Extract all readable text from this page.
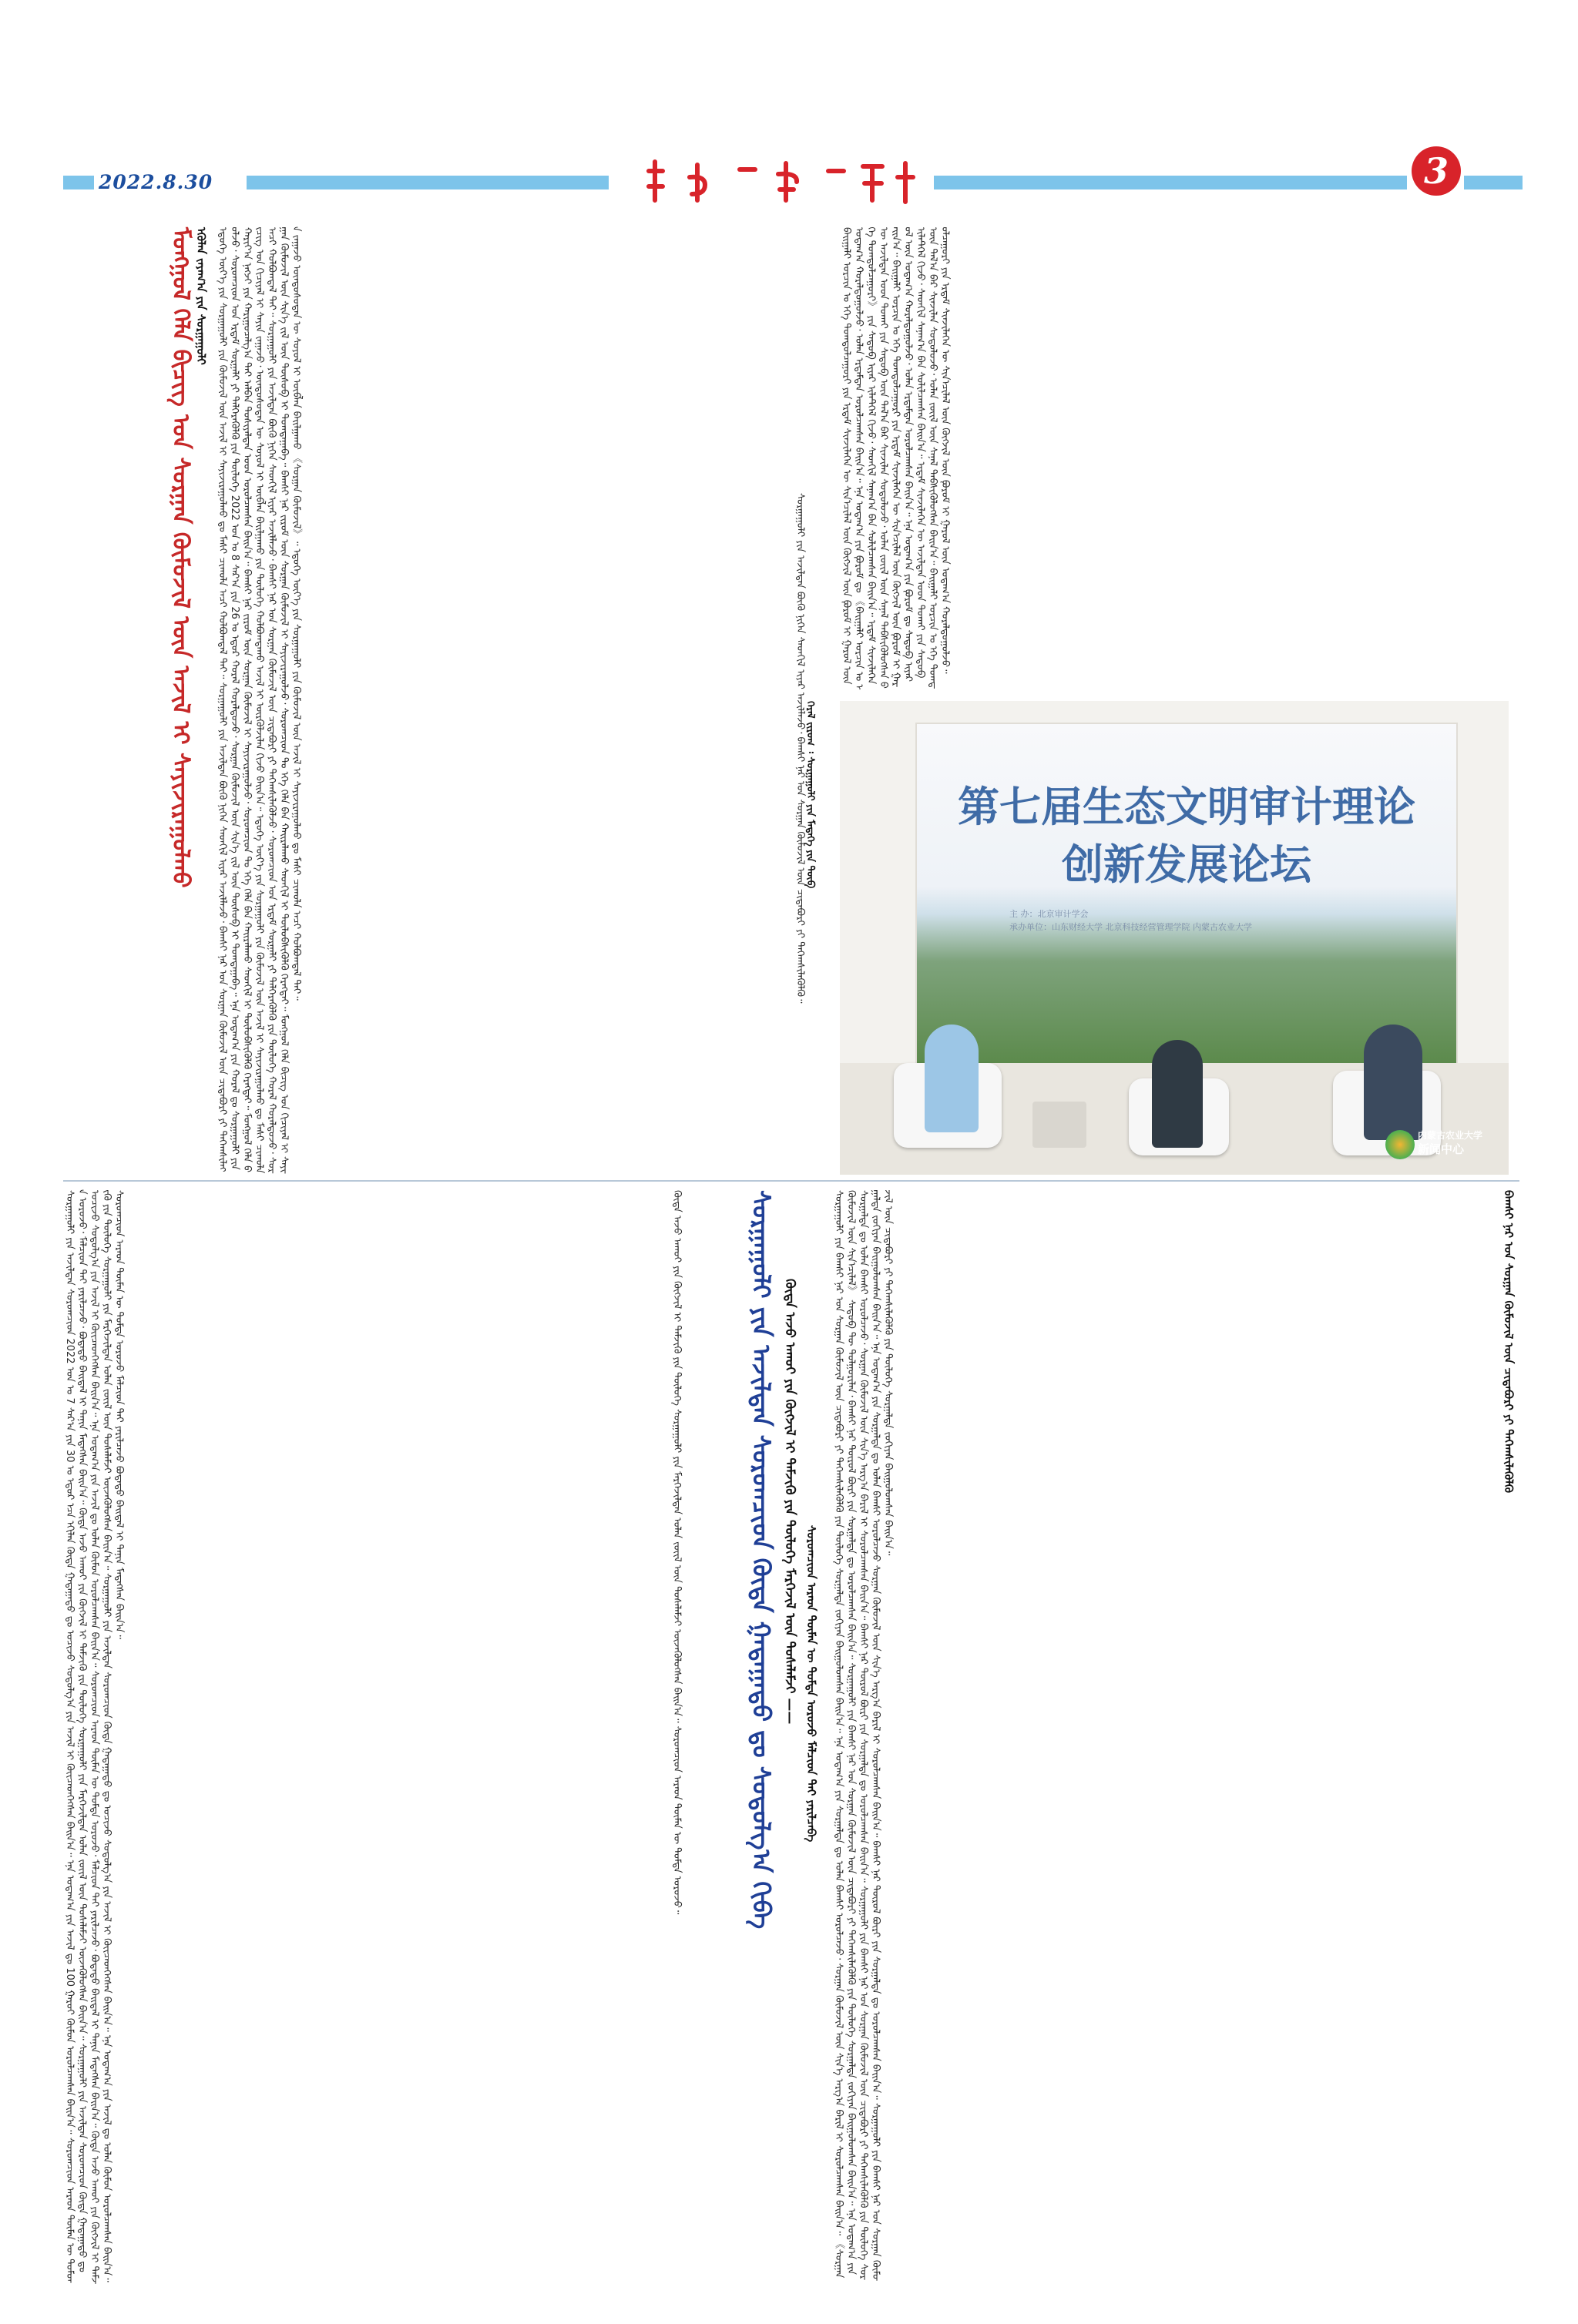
2022.8.30	3
ᠮᠣᠩᠭᠣᠯ ᠬᠡᠯᠡ ᠪᠢᠴᠢᠭ ᠤᠨ ᠰᠤᠷᠭᠠᠨ ᠬᠦᠮᠦᠵᠢᠯ ᠦᠨ ᠠᠵᠢᠯ ᠢ ᠰᠠᠶᠢᠵᠢᠷᠠᠭᠤᠯᠬᠤ ᠡᠭᠦᠯᠡᠨ ᠵᠠᠶᠠᠭ᠎ᠠ ᠶᠢᠨ ᠰᠤᠷᠭᠠᠭᠤᠯᠢ ᠡᠳᠦᠭᠡ ᠦᠶ᠎ᠡ ᠶᠢᠨ ᠰᠤᠷᠭᠠᠭᠤᠯᠢ ᠶᠢᠨ ᠬᠦᠮᠦᠵᠢᠯ ᠦᠨ ᠠᠵᠢᠯ ᠢ ᠰᠠᠶᠢᠵᠢᠷᠠᠭᠤᠯᠬᠤ ᠳᠤ ᠮᠠᠰᠢ ᠴᠢᠬᠤᠯᠠ ᠠᠴᠢ ᠬᠣᠯᠪᠣᠭᠳᠠᠯ ᠲᠠᠢ᠃ ᠰᠤᠷᠭᠠᠭᠤᠯᠢ ᠶᠢᠨ ᠠᠵᠢᠯᠲᠠᠨ ᠪᠦᠬᠦ ᠨᠢᠭᠡᠨ ᠰᠡᠳᠬᠢᠯ ᠢᠶᠡᠷ ᠠᠵᠢᠯᠯᠠᠵᠤ᠂ ᠪᠠᠭᠰᠢ ᠨᠠᠷ ᠤᠨ ᠰᠤᠷᠭᠠᠨ ᠬᠦᠮᠦᠵᠢᠯ ᠦᠨ ᠴᠢᠳᠠᠪᠤᠷᠢ ᠶᠢ ᠳᠡᠭᠡᠭ᠍ᠰᠢᠯᠡᠭᠦᠯᠵᠦ᠂ ᠰᠤᠷᠤᠭᠴᠢᠳ ᠤᠨ ᠡᠷᠳᠡᠮ ᠰᠤᠷᠭᠠᠯᠢ ᠶᠢ ᠳᠡᠯᠭᠡᠷᠡᠭᠦᠯᠬᠦ ᠶᠢᠨ ᠲᠥᠯᠥᠭᠡ 2022 ᠣᠨ ᠤ 8 ᠰᠠᠷ᠎ᠠ ᠶᠢᠨ 26 ᠤ ᠡᠳᠦᠷ ᠬᠤᠷᠠᠯ ᠬᠤᠷᠠᠯᠳᠤᠵᠤ᠂ ᠰᠤᠷᠭᠠᠨ ᠬᠦᠮᠦᠵᠢᠯ ᠦᠨ ᠰᠢᠨ᠎ᠡ ᠵᠢᠯ ᠦᠨ ᠲᠥᠰᠥᠪ ᠢ ᠲᠣᠭᠲᠠᠭᠠᠪᠠ᠃ ᠡᠨᠡ ᠤᠳᠠᠭ᠎ᠠ ᠶᠢᠨ ᠬᠤᠷᠠᠯ ᠳᠤ ᠰᠤᠷᠭᠠᠭᠤᠯᠢ ᠶᠢᠨ ᠬᠠᠷᠢᠶ᠎ᠠ ᠨᠡᠭᠵᠢ ᠶᠢᠨ ᠬᠠᠷᠢᠭᠤᠴᠠᠯᠭ᠎ᠠ ᠲᠠᠢ ᠠᠯᠪᠠᠨ ᠲᠤᠰᠢᠶᠠᠯᠲᠠᠨ ᠤᠳ ᠣᠷᠤᠯᠴᠠᠭᠰᠠᠨ ᠪᠠᠢᠨ᠎ᠠ᠃ ᠪᠠᠭᠰᠢ ᠨᠠᠷ ᠵᠢᠷᠤᠮ ᠦᠨ ᠰᠤᠷᠭᠠᠨ ᠬᠦᠮᠦᠵᠢᠯ ᠢ ᠰᠠᠶᠢᠵᠢᠷᠠᠭᠤᠯᠵᠤ᠂ ᠰᠤᠷᠤᠭᠴᠢᠳ ᠲᠤ ᠡᠬᠡ ᠬᠡᠯᠡ ᠪᠡᠨ ᠬᠠᠢᠷᠠᠯᠠᠬᠤ ᠰᠡᠳᠬᠢᠯ ᠢ ᠲᠥᠯᠥᠪᠰᠢᠭᠦᠯᠬᠦ ᠬᠡᠷᠡᠭᠲᠡᠢ᠃ ᠮᠣᠩᠭᠣᠯ ᠬᠡᠯᠡ ᠪᠢᠴᠢᠭ ᠤᠨ ᠬᠢᠴᠢᠶᠡᠯ ᠢ ᠰᠠᠶᠢᠨ ᠵᠠᠭᠠᠵᠤ᠂ ᠦᠨᠳᠦᠰᠦᠲᠡᠨ ᠦ ᠰᠣᠶᠣᠯ ᠢ ᠥᠪᠯᠡᠨ ᠪᠠᠢᠯᠭᠠᠬᠤ ᠶᠢᠨ ᠲᠥᠯᠥᠭᠡ ᠬᠣᠯᠪᠣᠭᠳᠠᠬᠤ ᠠᠵᠢᠯ ᠢ ᠦᠷᠭᠦᠯᠵᠢᠯᠡᠨ ᠬᠢᠵᠦ ᠪᠠᠢᠨ᠎ᠠ᠃ ᠡᠳᠦᠭᠡ ᠦᠶ᠎ᠡ ᠶᠢᠨ ᠰᠤᠷᠭᠠᠭᠤᠯᠢ ᠶᠢᠨ ᠬᠦᠮᠦᠵᠢᠯ ᠦᠨ ᠠᠵᠢᠯ ᠢ ᠰᠠᠶᠢᠵᠢᠷᠠᠭᠤᠯᠬᠤ ᠳᠤ ᠮᠠᠰᠢ ᠴᠢᠬᠤᠯᠠ ᠠᠴᠢ ᠬᠣᠯᠪᠣᠭᠳᠠᠯ ᠲᠠᠢ᠃ ᠰᠤᠷᠭᠠᠭᠤᠯᠢ ᠶᠢᠨ ᠠᠵᠢᠯᠲᠠᠨ ᠪᠦᠬᠦ ᠨᠢᠭᠡᠨ ᠰᠡᠳᠬᠢᠯ ᠢᠶᠡᠷ ᠠᠵᠢᠯᠯᠠᠵᠤ᠂ ᠪᠠᠭᠰᠢ ᠨᠠᠷ ᠤᠨ ᠰᠤᠷᠭᠠᠨ ᠬᠦᠮᠦᠵᠢᠯ ᠦᠨ ᠴᠢᠳᠠᠪᠤᠷᠢ ᠶᠢ ᠳᠡᠭᠡᠭ᠍ᠰᠢᠯᠡᠭᠦᠯᠵᠦ᠂ ᠰᠤᠷᠤᠭᠴᠢᠳ ᠤᠨ ᠡᠷᠳᠡᠮ ᠰᠤᠷᠭᠠᠯᠢ ᠶᠢ ᠳᠡᠯᠭᠡᠷᠡᠭᠦᠯᠬᠦ ᠶᠢᠨ ᠲᠥᠯᠥᠭᠡ ᠬᠤᠷᠠᠯ ᠬᠤᠷᠠᠯᠳᠤᠵᠤ᠂ ᠰᠤᠷᠭᠠᠨ ᠬᠦᠮᠦᠵᠢᠯ ᠦᠨ ᠰᠢᠨ᠎ᠡ ᠵᠢᠯ ᠦᠨ ᠲᠥᠰᠥᠪ ᠢ ᠲᠣᠭᠲᠠᠭᠠᠪᠠ᠃ ᠪᠠᠭᠰᠢ ᠨᠠᠷ ᠵᠢᠷᠤᠮ ᠦᠨ ᠰᠤᠷᠭᠠᠨ ᠬᠦᠮᠦᠵᠢᠯ ᠢ ᠰᠠᠶᠢᠵᠢᠷᠠᠭᠤᠯᠵᠤ᠂ ᠰᠤᠷᠤᠭᠴᠢᠳ ᠲᠤ ᠡᠬᠡ ᠬᠡᠯᠡ ᠪᠡᠨ ᠬᠠᠢᠷᠠᠯᠠᠬᠤ ᠰᠡᠳᠬᠢᠯ ᠢ ᠲᠥᠯᠥᠪᠰᠢᠭᠦᠯᠬᠦ ᠬᠡᠷᠡᠭᠲᠡᠢ᠃ ᠮᠣᠩᠭᠣᠯ ᠬᠡᠯᠡ ᠪᠢᠴᠢᠭ ᠤᠨ ᠬᠢᠴᠢᠶᠡᠯ ᠢ ᠰᠠᠶᠢᠨ ᠵᠠᠭᠠᠵᠤ ᠦᠨᠳᠦᠰᠦᠲᠡᠨ ᠦ ᠰᠣᠶᠣᠯ ᠢ ᠥᠪᠯᠡᠨ ᠪᠠᠢᠯᠭᠠᠬᠤ 《ᠰᠤᠷᠭᠠᠨ ᠬᠦᠮᠦᠵᠢᠯ》᠃ ᠡᠳᠦᠭᠡ ᠦᠶ᠎ᠡ ᠶᠢᠨ ᠰᠤᠷᠭᠠᠭᠤᠯᠢ ᠶᠢᠨ ᠬᠦᠮᠦᠵᠢᠯ ᠦᠨ ᠠᠵᠢᠯ ᠢ ᠰᠠᠶᠢᠵᠢᠷᠠᠭᠤᠯᠬᠤ ᠳᠤ ᠮᠠᠰᠢ ᠴᠢᠬᠤᠯᠠ ᠠᠴᠢ ᠬᠣᠯᠪᠣᠭᠳᠠᠯ ᠲᠠᠢ᠃	ᠰᠤᠷᠭᠠᠭᠤᠯᠢ ᠶᠢᠨ ᠠᠵᠢᠯᠲᠠᠨ ᠪᠦᠬᠦ ᠨᠢᠭᠡᠨ ᠰᠡᠳᠬᠢᠯ ᠢᠶᠡᠷ ᠠᠵᠢᠯᠯᠠᠵᠤ᠂ ᠪᠠᠭᠰᠢ ᠨᠠᠷ ᠤᠨ ᠰᠤᠷᠭᠠᠨ ᠬᠦᠮᠦᠵᠢᠯ ᠦᠨ ᠴᠢᠳᠠᠪᠤᠷᠢ ᠶᠢ ᠳᠡᠭᠡᠭ᠍ᠰᠢᠯᠡᠭᠦᠯᠬᠦ᠃
ᠪᠠᠢᠭᠠᠯᠢ ᠣᠷᠴᠢᠨ ᠤ ᠡᠬᠡ ᠲᠣᠭᠲᠣᠯᠴᠠᠭᠤᠷᠢ ᠶᠢᠨ ᠡᠷᠳᠡᠮ ᠰᠢᠨᠵᠢᠯᠡᠭᠡᠨ ᠦ ᠰᠢᠨ᠎ᠡᠴᠢᠯᠡᠯ ᠦᠨ ᠬᠥᠭᠵᠢᠯ ᠦᠨ ᠹᠣᠷᠦᠮ ᠢ ᠭᠠᠷᠤᠯ ᠦᠨ ᠤᠳᠠᠭ᠎ᠠ ᠬᠤᠷᠠᠯᠳᠤᠭᠤᠯᠵᠤ᠂ ᠣᠯᠠᠨ ᠡᠷᠳᠡᠮᠲᠡᠨ ᠣᠷᠤᠯᠴᠠᠭᠰᠠᠨ ᠪᠠᠢᠨ᠎ᠠ᠃ ᠡᠨᠡ ᠤᠳᠠᠭ᠎ᠠ ᠶᠢᠨ ᠹᠣᠷᠦᠮ ᠳᠤ 《ᠪᠠᠢᠭᠠᠯᠢ ᠣᠷᠴᠢᠨ ᠤ ᠡᠬᠡ ᠲᠣᠭᠲᠣᠯᠴᠠᠭᠤᠷᠢ》 ᠶᠢᠨ ᠰᠡᠳᠦᠪ ᠢᠶᠡᠷ ᠢᠯᠡᠲᠭᠡᠯ ᠬᠢᠵᠦ᠂ ᠰᠡᠳᠬᠢᠯ ᠰᠠᠨᠠᠭ᠎ᠠ ᠪᠠᠨ ᠰᠣᠯᠢᠯᠴᠠᠭᠰᠠᠨ ᠪᠠᠢᠨ᠎ᠠ᠃ ᠡᠷᠳᠡᠮ ᠰᠢᠨᠵᠢᠯᠡᠭᠡᠨ ᠦ ᠠᠵᠢᠯᠲᠠᠨ ᠤᠳ ᠲᠤᠬᠠᠢ ᠶᠢᠨ ᠰᠡᠳᠦᠪ ᠦᠨ ᠲᠠᠯ᠎ᠠ ᠪᠠᠷ ᠰᠢᠨᠵᠢᠯᠡᠨ ᠰᠤᠳᠤᠯᠤᠵᠤ᠂ ᠣᠯᠠᠨ ᠵᠦᠢᠯ ᠦᠨ ᠰᠠᠨᠠᠯ ᠳᠡᠪᠰᠢᠭᠦᠯᠦᠭᠰᠡᠨ ᠪᠠᠢᠨ᠎ᠠ᠃ ᠪᠠᠢᠭᠠᠯᠢ ᠣᠷᠴᠢᠨ ᠤ ᠡᠬᠡ ᠲᠣᠭᠲᠣᠯᠴᠠᠭᠤᠷᠢ ᠶᠢᠨ ᠡᠷᠳᠡᠮ ᠰᠢᠨᠵᠢᠯᠡᠭᠡᠨ ᠦ ᠰᠢᠨ᠎ᠡᠴᠢᠯᠡᠯ ᠦᠨ ᠬᠥᠭᠵᠢᠯ ᠦᠨ ᠹᠣᠷᠦᠮ ᠢ ᠭᠠᠷᠤᠯ ᠦᠨ ᠤᠳᠠᠭ᠎ᠠ ᠬᠤᠷᠠᠯᠳᠤᠭᠤᠯᠵᠤ᠂ ᠣᠯᠠᠨ ᠡᠷᠳᠡᠮᠲᠡᠨ ᠣᠷᠤᠯᠴᠠᠭᠰᠠᠨ ᠪᠠᠢᠨ᠎ᠠ᠃ ᠡᠨᠡ ᠤᠳᠠᠭ᠎ᠠ ᠶᠢᠨ ᠹᠣᠷᠦᠮ ᠳᠤ ᠰᠡᠳᠦᠪ ᠢᠶᠡᠷ ᠢᠯᠡᠲᠭᠡᠯ ᠬᠢᠵᠦ᠂ ᠰᠡᠳᠬᠢᠯ ᠰᠠᠨᠠᠭ᠎ᠠ ᠪᠠᠨ ᠰᠣᠯᠢᠯᠴᠠᠭᠰᠠᠨ ᠪᠠᠢᠨ᠎ᠠ᠃ ᠡᠷᠳᠡᠮ ᠰᠢᠨᠵᠢᠯᠡᠭᠡᠨ ᠦ ᠠᠵᠢᠯᠲᠠᠨ ᠤᠳ ᠲᠤᠬᠠᠢ ᠶᠢᠨ ᠰᠡᠳᠦᠪ ᠦᠨ ᠲᠠᠯ᠎ᠠ ᠪᠠᠷ ᠰᠢᠨᠵᠢᠯᠡᠨ ᠰᠤᠳᠤᠯᠤᠵᠤ᠂ ᠣᠯᠠᠨ ᠵᠦᠢᠯ ᠦᠨ ᠰᠠᠨᠠᠯ ᠳᠡᠪᠰᠢᠭᠦᠯᠦᠭᠰᠡᠨ ᠪᠠᠢᠨ᠎ᠠ᠃ ᠪᠠᠢᠭᠠᠯᠢ ᠣᠷᠴᠢᠨ ᠤ ᠡᠬᠡ ᠲᠣᠭᠲᠣᠯᠴᠠᠭᠤᠷᠢ ᠶᠢᠨ ᠡᠷᠳᠡᠮ ᠰᠢᠨᠵᠢᠯᠡᠭᠡᠨ ᠦ ᠰᠢᠨ᠎ᠡᠴᠢᠯᠡᠯ ᠦᠨ ᠬᠥᠭᠵᠢᠯ ᠦᠨ ᠹᠣᠷᠦᠮ ᠢ ᠭᠠᠷᠤᠯ ᠦᠨ ᠤᠳᠠᠭ᠎ᠠ ᠬᠤᠷᠠᠯᠳᠤᠭᠤᠯᠵᠤ᠃
ᠭᠡᠷᠡᠯ ᠵᠢᠷᠤᠭ ᠄ ᠰᠤᠷᠭᠠᠭᠤᠯᠢ ᠶᠢᠨ ᠮᠡᠳᠡᠭᠡ ᠶᠢᠨ ᠲᠥᠪ	第七届生态文明审计理论
创新发展论坛
主 办：北京审计学会
承办单位：山东财经大学 北京科技经营管理学院 内蒙古农业大学
内蒙古农业大学
新闻中心
ᠰᠤᠷᠭᠠᠭᠤᠯᠢ ᠶᠢᠨ ᠠᠵᠢᠯᠲᠠᠨ ᠰᠤᠷᠤᠭᠴᠢᠳ 2022 ᠣᠨ ᠤ 7 ᠰᠠᠷ᠎ᠠ ᠶᠢᠨ 30 ᠤ ᠡᠳᠦᠷ ᠡᠴᠡ ᠡᠬᠢᠯᠡᠨ ᠬᠥᠳᠡ ᠭᠠᠳᠠᠭᠠᠳᠤ ᠳᠤ ᠣᠴᠢᠵᠤ ᠰᠤᠳᠤᠯᠭ᠎ᠠ ᠶᠢᠨ ᠠᠵᠢᠯ ᠢ ᠭᠦᠢᠴᠡᠳᠬᠡᠭᠰᠡᠨ ᠪᠠᠢᠨ᠎ᠠ᠃ ᠡᠨᠡ ᠤᠳᠠᠭ᠎ᠠ ᠶᠢᠨ ᠠᠵᠢᠯ ᠳᠤ 100 ᠭᠠᠷᠤᠢ ᠬᠦᠮᠦᠨ ᠣᠷᠤᠯᠴᠠᠭᠰᠠᠨ ᠪᠠᠢᠨ᠎ᠠ᠃ ᠰᠤᠷᠤᠭᠴᠢᠳ ᠠᠷᠠᠳ ᠲᠦᠮᠡᠨ ᠦ ᠳᠤᠮᠳᠠ ᠣᠷᠤᠵᠤ᠂ ᠮᠠᠯᠴᠢᠳ ᠲᠠᠢ ᠶᠠᠷᠢᠯᠴᠠᠵᠤ᠂ ᠪᠣᠳᠠᠲᠤ ᠪᠠᠢᠳᠠᠯ ᠢ ᠲᠠᠨᠢᠨ ᠮᠡᠳᠡᠭᠰᠡᠨ ᠪᠠᠢᠨ᠎ᠠ᠃ ᠬᠥᠳᠡ ᠠᠵᠤ ᠠᠬᠤᠢ ᠶᠢᠨ ᠬᠥᠭᠵᠢᠯ ᠢ ᠳᠡᠮᠵᠢᠬᠦ ᠶᠢᠨ ᠲᠥᠯᠥᠭᠡ ᠰᠤᠷᠭᠠᠭᠤᠯᠢ ᠶᠢᠨ ᠮᠡᠷᠭᠡᠵᠢᠯᠲᠡᠨ ᠣᠯᠠᠨ ᠵᠦᠢᠯ ᠦᠨ ᠲᠤᠰᠠᠯᠠᠮᠵᠢ ᠦᠵᠡᠭᠦᠯᠦᠭᠰᠡᠨ ᠪᠠᠢᠨ᠎ᠠ᠃ ᠰᠤᠷᠭᠠᠭᠤᠯᠢ ᠶᠢᠨ ᠠᠵᠢᠯᠲᠠᠨ ᠰᠤᠷᠤᠭᠴᠢᠳ ᠬᠥᠳᠡ ᠭᠠᠳᠠᠭᠠᠳᠤ ᠳᠤ ᠣᠴᠢᠵᠤ ᠰᠤᠳᠤᠯᠭ᠎ᠠ ᠶᠢᠨ ᠠᠵᠢᠯ ᠢ ᠭᠦᠢᠴᠡᠳᠬᠡᠭᠰᠡᠨ ᠪᠠᠢᠨ᠎ᠠ᠃ ᠡᠨᠡ ᠤᠳᠠᠭ᠎ᠠ ᠶᠢᠨ ᠠᠵᠢᠯ ᠳᠤ ᠣᠯᠠᠨ ᠬᠦᠮᠦᠨ ᠣᠷᠤᠯᠴᠠᠭᠰᠠᠨ ᠪᠠᠢᠨ᠎ᠠ᠃ ᠰᠤᠷᠤᠭᠴᠢᠳ ᠠᠷᠠᠳ ᠲᠦᠮᠡᠨ ᠦ ᠳᠤᠮᠳᠠ ᠣᠷᠤᠵᠤ᠂ ᠮᠠᠯᠴᠢᠳ ᠲᠠᠢ ᠶᠠᠷᠢᠯᠴᠠᠵᠤ᠂ ᠪᠣᠳᠠᠲᠤ ᠪᠠᠢᠳᠠᠯ ᠢ ᠲᠠᠨᠢᠨ ᠮᠡᠳᠡᠭᠰᠡᠨ ᠪᠠᠢᠨ᠎ᠠ᠃ ᠬᠥᠳᠡ ᠠᠵᠤ ᠠᠬᠤᠢ ᠶᠢᠨ ᠬᠥᠭᠵᠢᠯ ᠢ ᠳᠡᠮᠵᠢᠬᠦ ᠶᠢᠨ ᠲᠥᠯᠥᠭᠡ ᠰᠤᠷᠭᠠᠭᠤᠯᠢ ᠶᠢᠨ ᠮᠡᠷᠭᠡᠵᠢᠯᠲᠡᠨ ᠣᠯᠠᠨ ᠵᠦᠢᠯ ᠦᠨ ᠲᠤᠰᠠᠯᠠᠮᠵᠢ ᠦᠵᠡᠭᠦᠯᠦᠭᠰᠡᠨ ᠪᠠᠢᠨ᠎ᠠ᠃ ᠰᠤᠷᠭᠠᠭᠤᠯᠢ ᠶᠢᠨ ᠠᠵᠢᠯᠲᠠᠨ ᠰᠤᠷᠤᠭᠴᠢᠳ ᠬᠥᠳᠡ ᠭᠠᠳᠠᠭᠠᠳᠤ ᠳᠤ ᠣᠴᠢᠵᠤ ᠰᠤᠳᠤᠯᠭ᠎ᠠ ᠶᠢᠨ ᠠᠵᠢᠯ ᠢ ᠭᠦᠢᠴᠡᠳᠬᠡᠭᠰᠡᠨ ᠪᠠᠢᠨ᠎ᠠ᠃ ᠡᠨᠡ ᠤᠳᠠᠭ᠎ᠠ ᠶᠢᠨ ᠠᠵᠢᠯ ᠳᠤ ᠣᠯᠠᠨ ᠬᠦᠮᠦᠨ ᠣᠷᠤᠯᠴᠠᠭᠰᠠᠨ ᠪᠠᠢᠨ᠎ᠠ᠃ ᠰᠤᠷᠤᠭᠴᠢᠳ ᠠᠷᠠᠳ ᠲᠦᠮᠡᠨ ᠦ ᠳᠤᠮᠳᠠ ᠣᠷᠤᠵᠤ ᠮᠠᠯᠴᠢᠳ ᠲᠠᠢ ᠶᠠᠷᠢᠯᠴᠠᠵᠤ ᠪᠣᠳᠠᠲᠤ ᠪᠠᠢᠳᠠᠯ ᠢ ᠲᠠᠨᠢᠨ ᠮᠡᠳᠡᠭᠰᠡᠨ ᠪᠠᠢᠨ᠎ᠠ᠃	ᠬᠥᠳᠡ ᠠᠵᠤ ᠠᠬᠤᠢ ᠶᠢᠨ ᠬᠥᠭᠵᠢᠯ ᠢ ᠳᠡᠮᠵᠢᠬᠦ ᠶᠢᠨ ᠲᠥᠯᠥᠭᠡ ᠰᠤᠷᠭᠠᠭᠤᠯᠢ ᠶᠢᠨ ᠮᠡᠷᠭᠡᠵᠢᠯᠲᠡᠨ ᠣᠯᠠᠨ ᠵᠦᠢᠯ ᠦᠨ ᠲᠤᠰᠠᠯᠠᠮᠵᠢ ᠦᠵᠡᠭᠦᠯᠦᠭᠰᠡᠨ ᠪᠠᠢᠨ᠎ᠠ᠃ ᠰᠤᠷᠤᠭᠴᠢᠳ ᠠᠷᠠᠳ ᠲᠦᠮᠡᠨ ᠦ ᠳᠤᠮᠳᠠ ᠣᠷᠤᠵᠤ᠃	ᠰᠤᠷᠭᠠᠭᠤᠯᠢ ᠶᠢᠨ ᠠᠵᠢᠯᠲᠠᠨ ᠰᠤᠷᠤᠭᠴᠢᠳ ᠬᠥᠳᠡ ᠭᠠᠳᠠᠭᠠᠳᠤ ᠳᠤ ᠰᠤᠳᠤᠯᠭ᠎ᠠ ᠬᠢᠪᠡ ᠬᠥᠳᠡ ᠠᠵᠤ ᠠᠬᠤᠢ ᠶᠢᠨ ᠬᠥᠭᠵᠢᠯ ᠢ ᠳᠡᠮᠵᠢᠬᠦ ᠶᠢᠨ ᠲᠥᠯᠥᠭᠡ ᠮᠡᠷᠭᠡᠵᠢᠯ ᠦᠨ ᠲᠤᠰᠠᠯᠠᠮᠵᠢ —— ᠰᠤᠷᠤᠭᠴᠢᠳ ᠠᠷᠠᠳ ᠲᠦᠮᠡᠨ ᠦ ᠳᠤᠮᠳᠠ ᠣᠷᠤᠵᠤ ᠮᠠᠯᠴᠢᠳ ᠲᠠᠢ ᠶᠠᠷᠢᠯᠴᠠᠪᠠ	ᠰᠤᠷᠭᠠᠭᠤᠯᠢ ᠶᠢᠨ ᠪᠠᠭᠰᠢ ᠨᠠᠷ ᠤᠨ ᠰᠤᠷᠭᠠᠨ ᠬᠦᠮᠦᠵᠢᠯ ᠦᠨ ᠴᠢᠳᠠᠪᠤᠷᠢ ᠶᠢ ᠳᠡᠭᠡᠭ᠍ᠰᠢᠯᠡᠭᠦᠯᠬᠦ ᠶᠢᠨ ᠲᠥᠯᠥᠭᠡ ᠰᠤᠷᠭᠠᠯᠲᠠ ᠵᠣᠬᠢᠶᠠᠨ ᠪᠠᠢᠭᠤᠯᠤᠭᠰᠠᠨ ᠪᠠᠢᠨ᠎ᠠ᠃ ᠡᠨᠡ ᠤᠳᠠᠭ᠎ᠠ ᠶᠢᠨ ᠰᠤᠷᠭᠠᠯᠲᠠ ᠳᠤ ᠣᠯᠠᠨ ᠪᠠᠭᠰᠢ ᠣᠷᠤᠯᠴᠠᠵᠤ᠂ ᠰᠤᠷᠭᠠᠨ ᠬᠦᠮᠦᠵᠢᠯ ᠦᠨ ᠰᠢᠨ᠎ᠡ ᠠᠷᠭ᠎ᠠ ᠪᠠᠷᠢᠯ ᠢ ᠰᠤᠷᠤᠯᠴᠠᠭᠰᠠᠨ ᠪᠠᠢᠨ᠎ᠠ᠃ 《ᠰᠤᠷᠭᠠᠨ ᠬᠦᠮᠦᠵᠢᠯ ᠦᠨ ᠰᠢᠨ᠎ᠡᠴᠢᠯᠡᠯ》 ᠰᠡᠳᠦᠪ ᠲᠦ ᠲᠤᠯᠭᠤᠷᠢᠯᠠᠨ᠂ ᠪᠠᠭᠰᠢ ᠨᠠᠷ ᠲᠥᠷᠥᠯ ᠪᠦᠷᠢ ᠶᠢᠨ ᠰᠤᠷᠭᠠᠯᠲᠠ ᠳᠤ ᠣᠷᠤᠯᠴᠠᠭᠰᠠᠨ ᠪᠠᠢᠨ᠎ᠠ᠃ ᠰᠤᠷᠭᠠᠭᠤᠯᠢ ᠶᠢᠨ ᠪᠠᠭᠰᠢ ᠨᠠᠷ ᠤᠨ ᠰᠤᠷᠭᠠᠨ ᠬᠦᠮᠦᠵᠢᠯ ᠦᠨ ᠴᠢᠳᠠᠪᠤᠷᠢ ᠶᠢ ᠳᠡᠭᠡᠭ᠍ᠰᠢᠯᠡᠭᠦᠯᠬᠦ ᠶᠢᠨ ᠲᠥᠯᠥᠭᠡ ᠰᠤᠷᠭᠠᠯᠲᠠ ᠵᠣᠬᠢᠶᠠᠨ ᠪᠠᠢᠭᠤᠯᠤᠭᠰᠠᠨ ᠪᠠᠢᠨ᠎ᠠ᠃ ᠡᠨᠡ ᠤᠳᠠᠭ᠎ᠠ ᠶᠢᠨ ᠰᠤᠷᠭᠠᠯᠲᠠ ᠳᠤ ᠣᠯᠠᠨ ᠪᠠᠭᠰᠢ ᠣᠷᠤᠯᠴᠠᠵᠤ᠂ ᠰᠤᠷᠭᠠᠨ ᠬᠦᠮᠦᠵᠢᠯ ᠦᠨ ᠰᠢᠨ᠎ᠡ ᠠᠷᠭ᠎ᠠ ᠪᠠᠷᠢᠯ ᠢ ᠰᠤᠷᠤᠯᠴᠠᠭᠰᠠᠨ ᠪᠠᠢᠨ᠎ᠠ᠃ ᠪᠠᠭᠰᠢ ᠨᠠᠷ ᠲᠥᠷᠥᠯ ᠪᠦᠷᠢ ᠶᠢᠨ ᠰᠤᠷᠭᠠᠯᠲᠠ ᠳᠤ ᠣᠷᠤᠯᠴᠠᠭᠰᠠᠨ ᠪᠠᠢᠨ᠎ᠠ᠃ ᠰᠤᠷᠭᠠᠭᠤᠯᠢ ᠶᠢᠨ ᠪᠠᠭᠰᠢ ᠨᠠᠷ ᠤᠨ ᠰᠤᠷᠭᠠᠨ ᠬᠦᠮᠦᠵᠢᠯ ᠦᠨ ᠴᠢᠳᠠᠪᠤᠷᠢ ᠶᠢ ᠳᠡᠭᠡᠭ᠍ᠰᠢᠯᠡᠭᠦᠯᠬᠦ ᠶᠢᠨ ᠲᠥᠯᠥᠭᠡ ᠰᠤᠷᠭᠠᠯᠲᠠ ᠵᠣᠬᠢᠶᠠᠨ ᠪᠠᠢᠭᠤᠯᠤᠭᠰᠠᠨ ᠪᠠᠢᠨ᠎ᠠ᠃ ᠡᠨᠡ ᠤᠳᠠᠭ᠎ᠠ ᠶᠢᠨ ᠰᠤᠷᠭᠠᠯᠲᠠ ᠳᠤ ᠣᠯᠠᠨ ᠪᠠᠭᠰᠢ ᠣᠷᠤᠯᠴᠠᠵᠤ ᠰᠤᠷᠭᠠᠨ ᠬᠦᠮᠦᠵᠢᠯ ᠦᠨ ᠰᠢᠨ᠎ᠡ ᠠᠷᠭ᠎ᠠ ᠪᠠᠷᠢᠯ ᠢ ᠰᠤᠷᠤᠯᠴᠠᠭᠰᠠᠨ ᠪᠠᠢᠨ᠎ᠠ᠃ ᠪᠠᠭᠰᠢ ᠨᠠᠷ ᠲᠥᠷᠥᠯ ᠪᠦᠷᠢ ᠶᠢᠨ ᠰᠤᠷᠭᠠᠯᠲᠠ ᠳᠤ ᠣᠷᠤᠯᠴᠠᠭᠰᠠᠨ ᠪᠠᠢᠨ᠎ᠠ᠃ ᠰᠤᠷᠭᠠᠭᠤᠯᠢ ᠶᠢᠨ ᠪᠠᠭᠰᠢ ᠨᠠᠷ ᠤᠨ ᠰᠤᠷᠭᠠᠨ ᠬᠦᠮᠦᠵᠢᠯ ᠦᠨ ᠴᠢᠳᠠᠪᠤᠷᠢ ᠶᠢ ᠳᠡᠭᠡᠭ᠍ᠰᠢᠯᠡᠭᠦᠯᠬᠦ ᠶᠢᠨ ᠲᠥᠯᠥᠭᠡ ᠰᠤᠷᠭᠠᠯᠲᠠ ᠵᠣᠬᠢᠶᠠᠨ ᠪᠠᠢᠭᠤᠯᠤᠭᠰᠠᠨ ᠪᠠᠢᠨ᠎ᠠ᠃	ᠪᠠᠭᠰᠢ ᠨᠠᠷ ᠤᠨ ᠰᠤᠷᠭᠠᠨ ᠬᠦᠮᠦᠵᠢᠯ ᠦᠨ ᠴᠢᠳᠠᠪᠤᠷᠢ ᠶᠢ ᠳᠡᠭᠡᠭ᠍ᠰᠢᠯᠡᠭᠦᠯᠬᠦ
